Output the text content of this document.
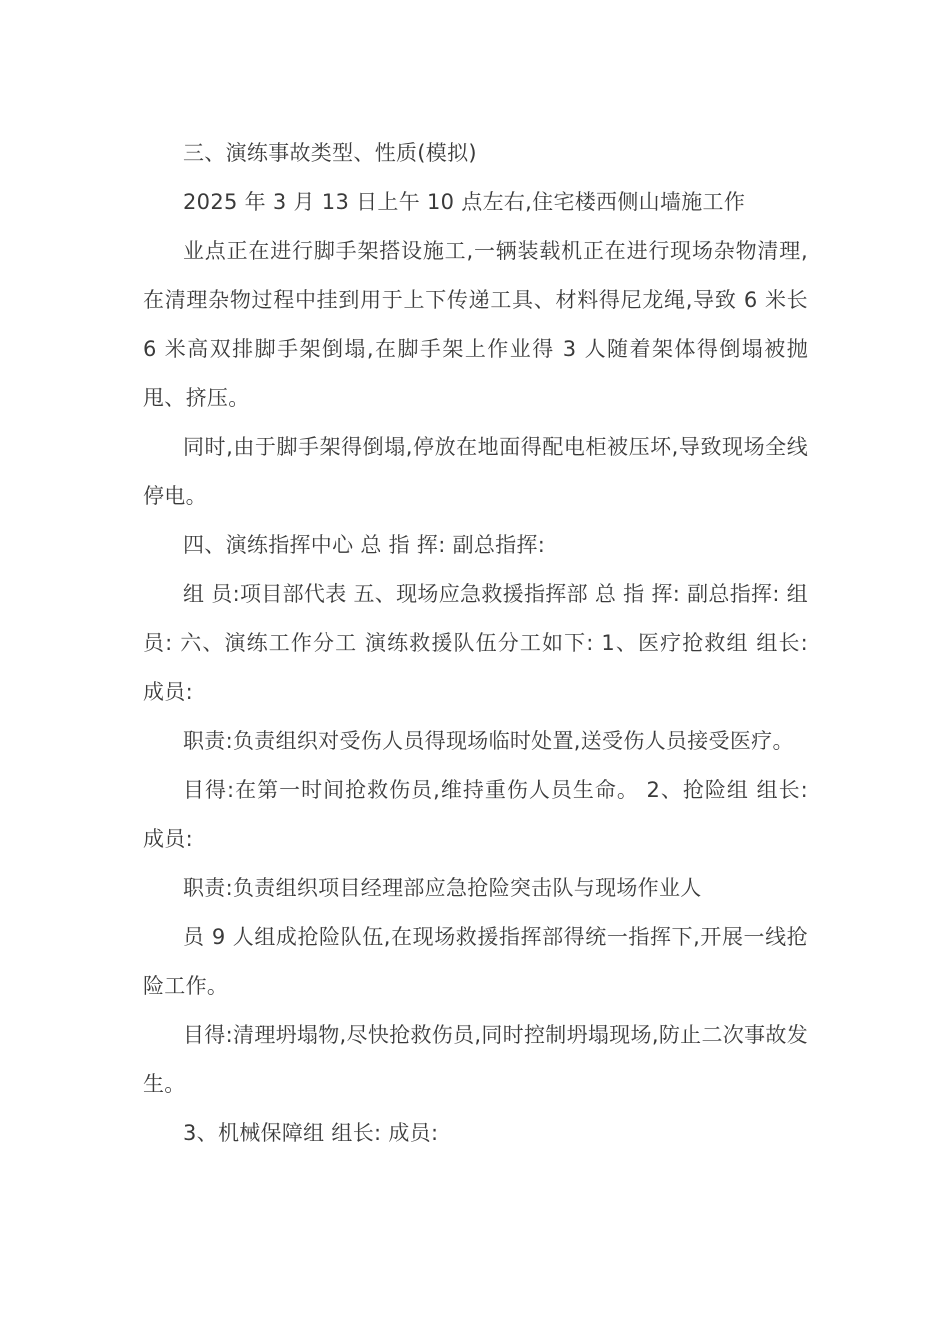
三、演练事故类型、性质(模拟)

2025 年 3 月 13 日上午 10 点左右,住宅楼西侧山墙施工作

业点正在进行脚手架搭设施工,一辆装载机正在进行现场杂物清理,在清理杂物过程中挂到用于上下传递工具、材料得尼龙绳,导致 6 米长 6 米高双排脚手架倒塌,在脚手架上作业得 3 人随着架体得倒塌被抛甩、挤压。

同时,由于脚手架得倒塌,停放在地面得配电柜被压坏,导致现场全线停电。

四、演练指挥中心 总 指 挥: 副总指挥:

组 员:项目部代表 五、现场应急救援指挥部 总 指 挥: 副总指挥: 组 员: 六、演练工作分工 演练救援队伍分工如下: 1、医疗抢救组 组长: 成员:

职责:负责组织对受伤人员得现场临时处置,送受伤人员接受医疗。

目得:在第一时间抢救伤员,维持重伤人员生命。 2、抢险组 组长: 成员:

职责:负责组织项目经理部应急抢险突击队与现场作业人

员 9 人组成抢险队伍,在现场救援指挥部得统一指挥下,开展一线抢险工作。

目得:清理坍塌物,尽快抢救伤员,同时控制坍塌现场,防止二次事故发生。

3、机械保障组 组长: 成员:
